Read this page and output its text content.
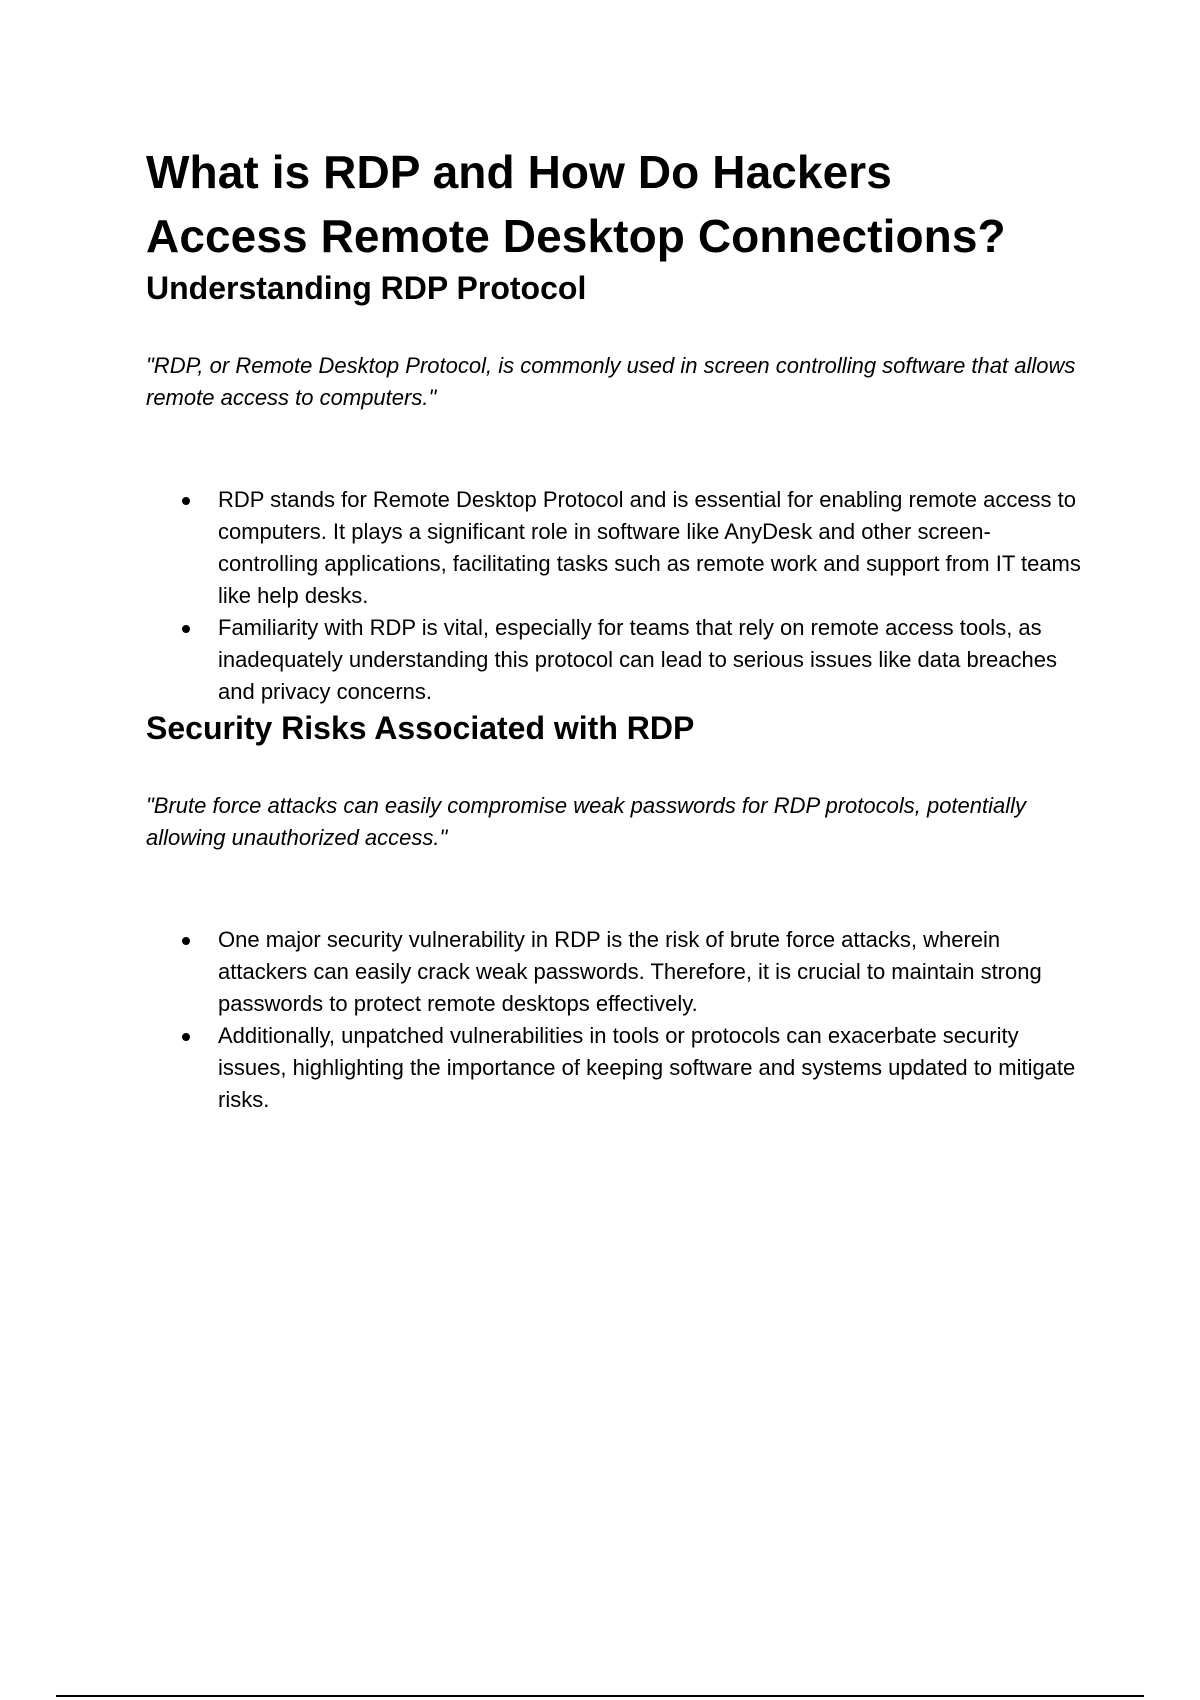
What is RDP and How Do Hackers
Access Remote Desktop Connections?
Understanding RDP Protocol

"RDP, or Remote Desktop Protocol, is commonly used in screen controlling software that allows remote access to computers."

RDP stands for Remote Desktop Protocol and is essential for enabling remote access to computers. It plays a significant role in software like AnyDesk and other screen-controlling applications, facilitating tasks such as remote work and support from IT teams like help desks.
Familiarity with RDP is vital, especially for teams that rely on remote access tools, as inadequately understanding this protocol can lead to serious issues like data breaches and privacy concerns.
Security Risks Associated with RDP

"Brute force attacks can easily compromise weak passwords for RDP protocols, potentially allowing unauthorized access."

One major security vulnerability in RDP is the risk of brute force attacks, wherein attackers can easily crack weak passwords. Therefore, it is crucial to maintain strong passwords to protect remote desktops effectively.
Additionally, unpatched vulnerabilities in tools or protocols can exacerbate security issues, highlighting the importance of keeping software and systems updated to mitigate risks.
